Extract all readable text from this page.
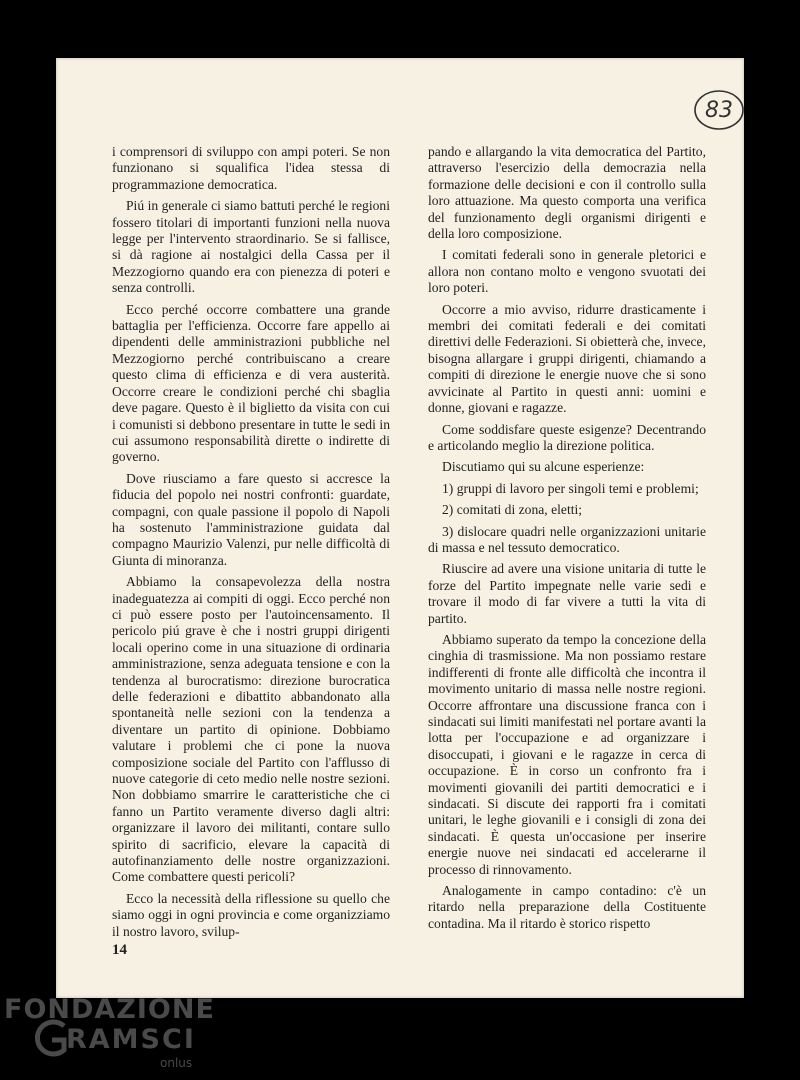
83

i comprensori di sviluppo con ampi poteri. Se non funzionano si squalifica l'idea stessa di programmazione democratica.

Piú in generale ci siamo battuti perché le regioni fossero titolari di importanti funzioni nella nuova legge per l'intervento straordinario. Se si fallisce, si dà ragione ai nostalgici della Cassa per il Mezzogiorno quando era con pienezza di poteri e senza controlli.

Ecco perché occorre combattere una grande battaglia per l'efficienza. Occorre fare appello ai dipendenti delle amministrazioni pubbliche nel Mezzogiorno perché contribuiscano a creare questo clima di efficienza e di vera austerità. Occorre creare le condizioni perché chi sbaglia deve pagare. Questo è il biglietto da visita con cui i comunisti si debbono presentare in tutte le sedi in cui assumono responsabilità dirette o indirette di governo.

Dove riusciamo a fare questo si accresce la fiducia del popolo nei nostri confronti: guardate, compagni, con quale passione il popolo di Napoli ha sostenuto l'amministrazione guidata dal compagno Maurizio Valenzi, pur nelle difficoltà di Giunta di minoranza.

Abbiamo la consapevolezza della nostra inadeguatezza ai compiti di oggi. Ecco perché non ci può essere posto per l'autoincensamento. Il pericolo piú grave è che i nostri gruppi dirigenti locali operino come in una situazione di ordinaria amministrazione, senza adeguata tensione e con la tendenza al burocratismo: direzione burocratica delle federazioni e dibattito abbandonato alla spontaneità nelle sezioni con la tendenza a diventare un partito di opinione. Dobbiamo valutare i problemi che ci pone la nuova composizione sociale del Partito con l'afflusso di nuove categorie di ceto medio nelle nostre sezioni. Non dobbiamo smarrire le caratteristiche che ci fanno un Partito veramente diverso dagli altri: organizzare il lavoro dei militanti, contare sullo spirito di sacrificio, elevare la capacità di autofinanziamento delle nostre organizzazioni. Come combattere questi pericoli?

Ecco la necessità della riflessione su quello che siamo oggi in ogni provincia e come organizziamo il nostro lavoro, svilup-

pando e allargando la vita democratica del Partito, attraverso l'esercizio della democrazia nella formazione delle decisioni e con il controllo sulla loro attuazione. Ma questo comporta una verifica del funzionamento degli organismi dirigenti e della loro composizione.

I comitati federali sono in generale pletorici e allora non contano molto e vengono svuotati dei loro poteri.

Occorre a mio avviso, ridurre drasticamente i membri dei comitati federali e dei comitati direttivi delle Federazioni. Si obietterà che, invece, bisogna allargare i gruppi dirigenti, chiamando a compiti di direzione le energie nuove che si sono avvicinate al Partito in questi anni: uomini e donne, giovani e ragazze.

Come soddisfare queste esigenze? Decentrando e articolando meglio la direzione politica.

Discutiamo qui su alcune esperienze:

1) gruppi di lavoro per singoli temi e problemi;

2) comitati di zona, eletti;

3) dislocare quadri nelle organizzazioni unitarie di massa e nel tessuto democratico.

Riuscire ad avere una visione unitaria di tutte le forze del Partito impegnate nelle varie sedi e trovare il modo di far vivere a tutti la vita di partito.

Abbiamo superato da tempo la concezione della cinghia di trasmissione. Ma non possiamo restare indifferenti di fronte alle difficoltà che incontra il movimento unitario di massa nelle nostre regioni. Occorre affrontare una discussione franca con i sindacati sui limiti manifestati nel portare avanti la lotta per l'occupazione e ad organizzare i disoccupati, i giovani e le ragazze in cerca di occupazione. È in corso un confronto fra i movimenti giovanili dei partiti democratici e i sindacati. Si discute dei rapporti fra i comitati unitari, le leghe giovanili e i consigli di zona dei sindacati. È questa un'occasione per inserire energie nuove nei sindacati ed accelerarne il processo di rinnovamento.

Analogamente in campo contadino: c'è un ritardo nella preparazione della Costituente contadina. Ma il ritardo è storico rispetto

14
FONDAZIONE
RAMSCI
onlus
